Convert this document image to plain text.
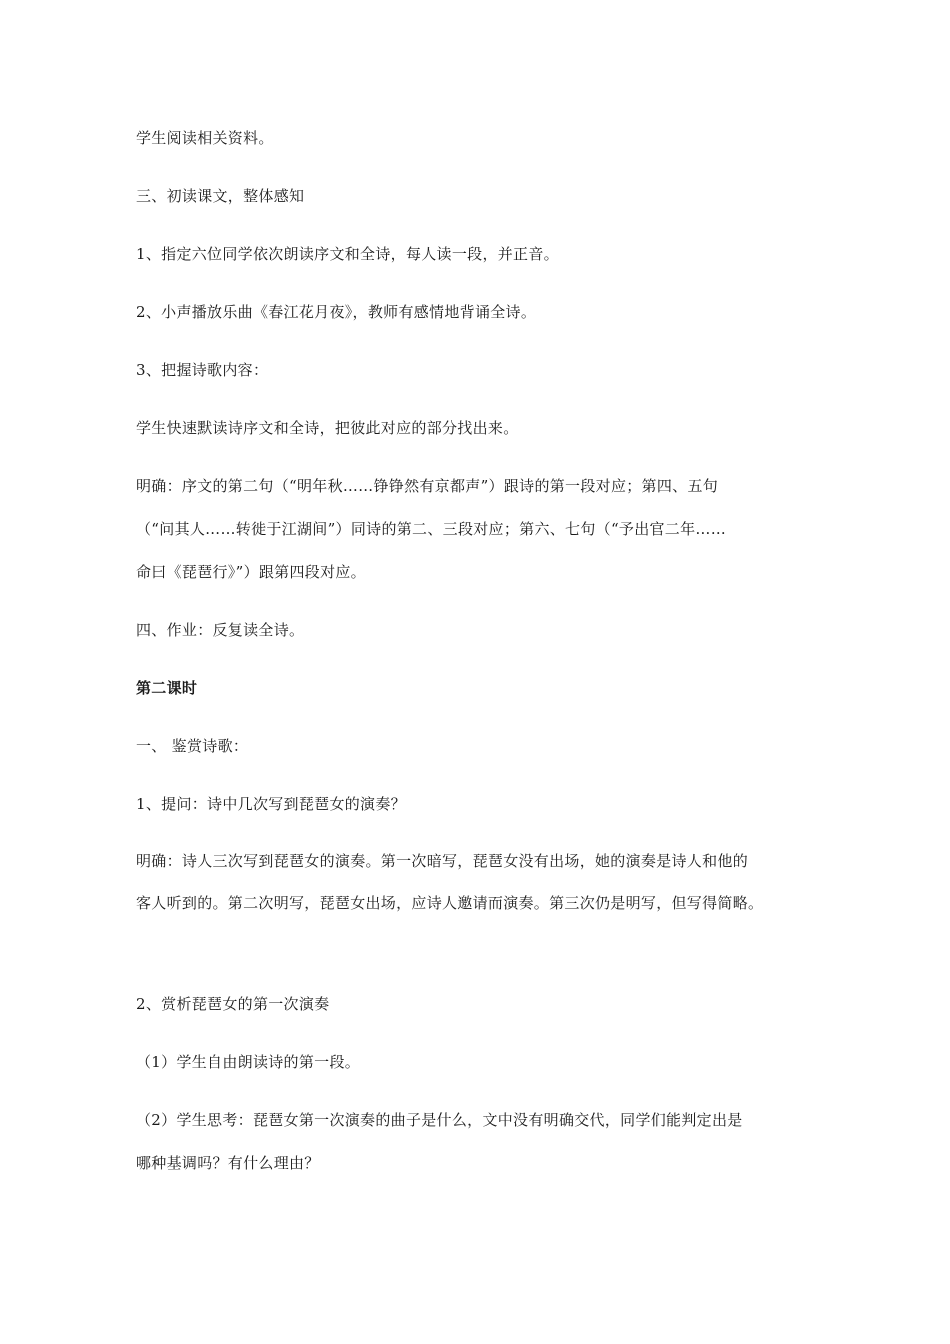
学生阅读相关资料。
三、初读课文，整体感知
1、指定六位同学依次朗读序文和全诗，每人读一段，并正音。
2、小声播放乐曲《春江花月夜》，教师有感情地背诵全诗。
3、把握诗歌内容：
学生快速默读诗序文和全诗，把彼此对应的部分找出来。
明确：序文的第二句（“明年秋……铮铮然有京都声”）跟诗的第一段对应；第四、五句
（“问其人……转徙于江湖间”）同诗的第二、三段对应；第六、七句（“予出官二年……
命曰《琵琶行》”）跟第四段对应。
四、作业：反复读全诗。
第二课时
一、 鉴赏诗歌：
1、提问：诗中几次写到琵琶女的演奏？
明确：诗人三次写到琵琶女的演奏。第一次暗写，琵琶女没有出场，她的演奏是诗人和他的
客人听到的。第二次明写，琵琶女出场，应诗人邀请而演奏。第三次仍是明写，但写得简略。
2、赏析琵琶女的第一次演奏
（1）学生自由朗读诗的第一段。
（2）学生思考：琵琶女第一次演奏的曲子是什么，文中没有明确交代，同学们能判定出是
哪种基调吗？有什么理由？
